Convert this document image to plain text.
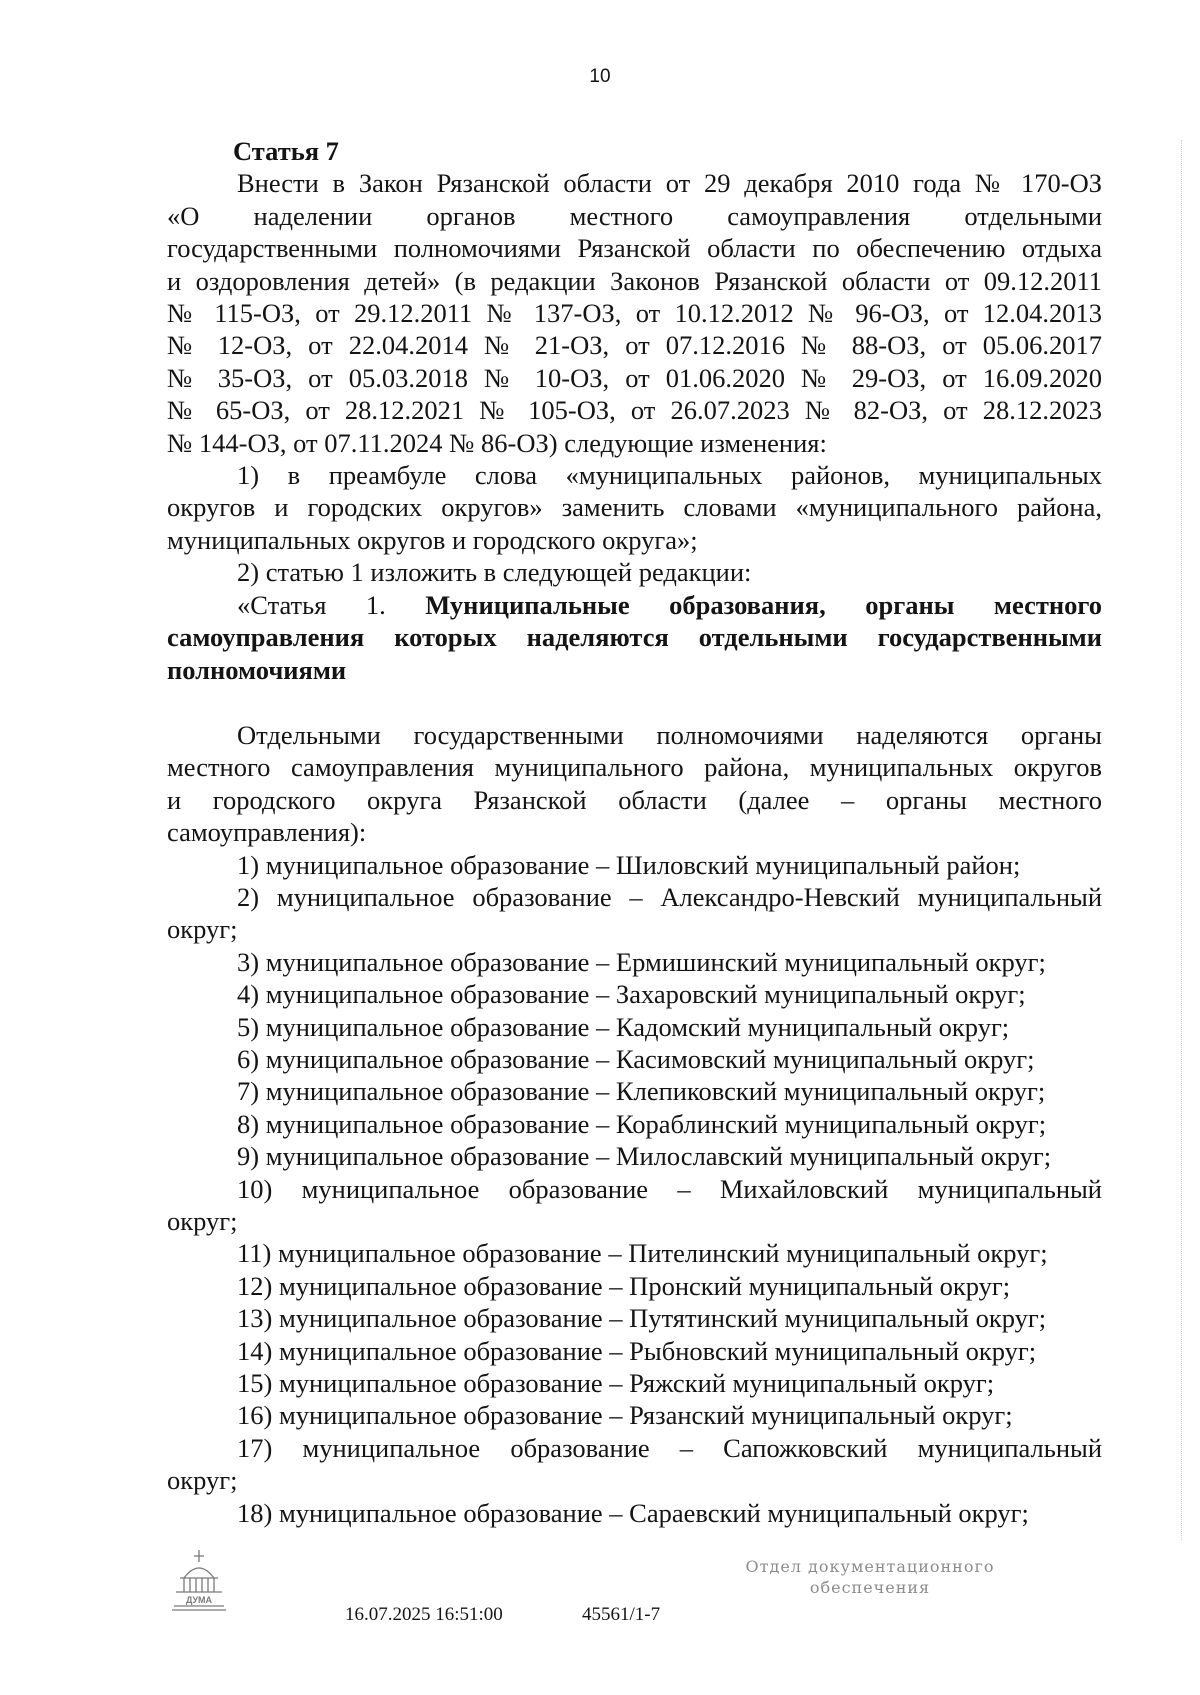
10

Статья 7

Внести в Закон Рязанской области от 29 декабря 2010 года № 170-ОЗ

«О наделении органов местного самоуправления отдельными

государственными полномочиями Рязанской области по обеспечению отдыха

и оздоровления детей» (в редакции Законов Рязанской области от 09.12.2011

№ 115-ОЗ, от 29.12.2011 № 137-ОЗ, от 10.12.2012 № 96-ОЗ, от 12.04.2013

№ 12-ОЗ, от 22.04.2014 № 21-ОЗ, от 07.12.2016 № 88-ОЗ, от 05.06.2017

№ 35-ОЗ, от 05.03.2018 № 10-ОЗ, от 01.06.2020 № 29-ОЗ, от 16.09.2020

№ 65-ОЗ, от 28.12.2021 № 105-ОЗ, от 26.07.2023 № 82-ОЗ, от 28.12.2023

№ 144-ОЗ, от 07.11.2024 № 86-ОЗ) следующие изменения:

1) в преамбуле слова «муниципальных районов, муниципальных

округов и городских округов» заменить словами «муниципального района,

муниципальных округов и городского округа»;

2) статью 1 изложить в следующей редакции:

«Статья 1. Муниципальные образования, органы местного

самоуправления которых наделяются отдельными государственными

полномочиями

Отдельными государственными полномочиями наделяются органы

местного самоуправления муниципального района, муниципальных округов

и городского округа Рязанской области (далее – органы местного

самоуправления):

1) муниципальное образование – Шиловский муниципальный район;

2) муниципальное образование – Александро-Невский муниципальный

округ;

3) муниципальное образование – Ермишинский муниципальный округ;

4) муниципальное образование – Захаровский муниципальный округ;

5) муниципальное образование – Кадомский муниципальный округ;

6) муниципальное образование – Касимовский муниципальный округ;

7) муниципальное образование – Клепиковский муниципальный округ;

8) муниципальное образование – Кораблинский муниципальный округ;

9) муниципальное образование – Милославский муниципальный округ;

10) муниципальное образование – Михайловский муниципальный

округ;

11) муниципальное образование – Пителинский муниципальный округ;

12) муниципальное образование – Пронский муниципальный округ;

13) муниципальное образование – Путятинский муниципальный округ;

14) муниципальное образование – Рыбновский муниципальный округ;

15) муниципальное образование – Ряжский муниципальный округ;

16) муниципальное образование – Рязанский муниципальный округ;

17) муниципальное образование – Сапожковский муниципальный

округ;

18) муниципальное образование – Сараевский муниципальный округ;

ДУМА
16.07.2025 16:51:00	45561/1-7
Отдел документационного
обеспечения
